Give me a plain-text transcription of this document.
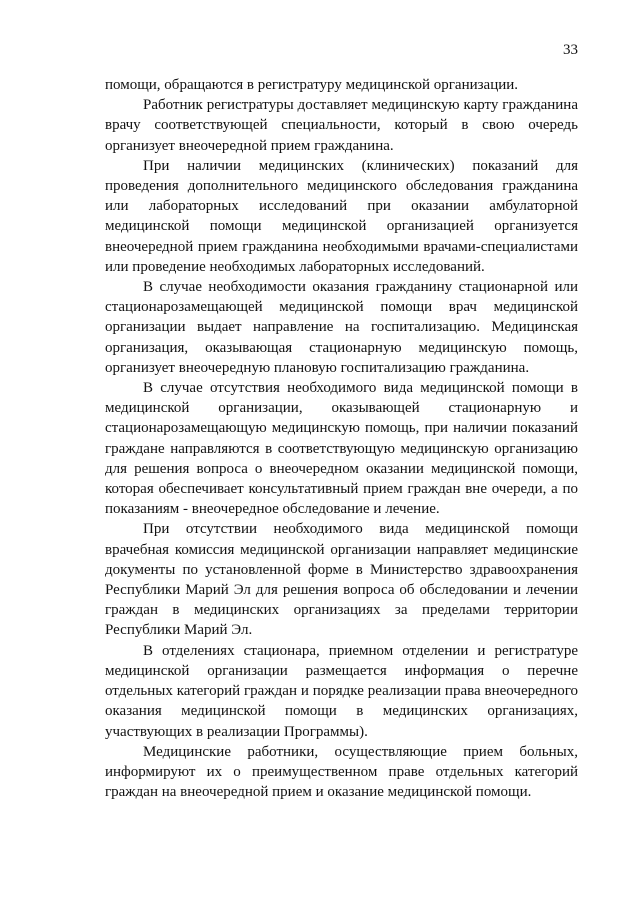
33

помощи, обращаются в регистратуру медицинской организации.

Работник регистратуры доставляет медицинскую карту гражданина врачу соответствующей специальности, который в свою очередь организует внеочередной прием гражданина.

При наличии медицинских (клинических) показаний для проведения дополнительного медицинского обследования гражданина или лабораторных исследований при оказании амбулаторной медицинской помощи медицинской организацией организуется внеочередной прием гражданина необходимыми врачами-специалистами или проведение необходимых лабораторных исследований.

В случае необходимости оказания гражданину стационарной или стационарозамещающей медицинской помощи врач медицинской организации выдает направление на госпитализацию. Медицинская организация, оказывающая стационарную медицинскую помощь, организует внеочередную плановую госпитализацию гражданина.

В случае отсутствия необходимого вида медицинской помощи в медицинской организации, оказывающей стационарную и стационарозамещающую медицинскую помощь, при наличии показаний граждане направляются в соответствующую медицинскую организацию для решения вопроса о внеочередном оказании медицинской помощи, которая обеспечивает консультативный прием граждан вне очереди, а по показаниям - внеочередное обследование и лечение.

При отсутствии необходимого вида медицинской помощи врачебная комиссия медицинской организации направляет медицинские документы по установленной форме в Министерство здравоохранения Республики Марий Эл для решения вопроса об обследовании и лечении граждан в медицинских организациях за пределами территории Республики Марий Эл.

В отделениях стационара, приемном отделении и регистратуре медицинской организации размещается информация о перечне отдельных категорий граждан и порядке реализации права внеочередного оказания медицинской помощи в медицинских организациях, участвующих в реализации Программы).

Медицинские работники, осуществляющие прием больных, информируют их о преимущественном праве отдельных категорий граждан на внеочередной прием и оказание медицинской помощи.
